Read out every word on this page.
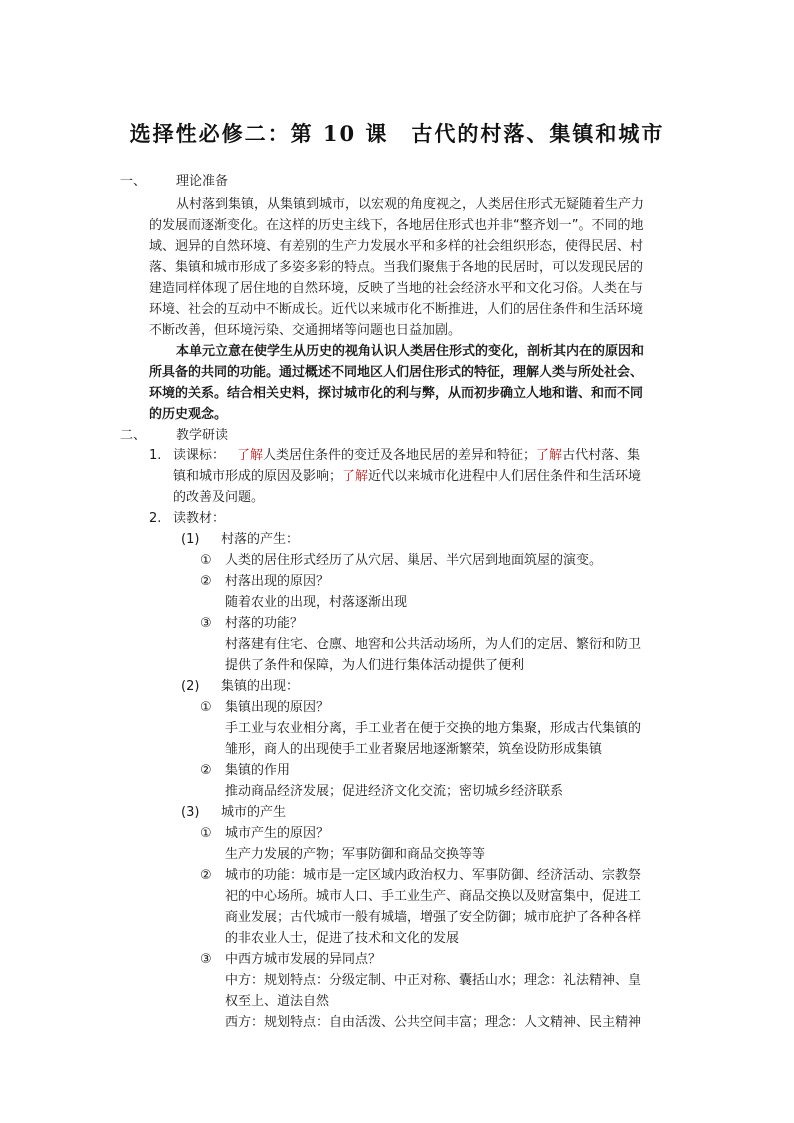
选择性必修二：第 10 课　古代的村落、集镇和城市
一、 理论准备
从村落到集镇，从集镇到城市，以宏观的角度视之，人类居住形式无疑随着生产力
的发展而逐渐变化。在这样的历史主线下，各地居住形式也并非“整齐划一”。不同的地
域、迥异的自然环境、有差别的生产力发展水平和多样的社会组织形态，使得民居、村
落、集镇和城市形成了多姿多彩的特点。当我们聚焦于各地的民居时，可以发现民居的
建造同样体现了居住地的自然环境，反映了当地的社会经济水平和文化习俗。人类在与
环境、社会的互动中不断成长。近代以来城市化不断推进，人们的居住条件和生活环境
不断改善，但环境污染、交通拥堵等问题也日益加剧。
本单元立意在使学生从历史的视角认识人类居住形式的变化，剖析其内在的原因和
所具备的共同的功能。通过概述不同地区人们居住形式的特征，理解人类与所处社会、
环境的关系。结合相关史料，探讨城市化的利与弊，从而初步确立人地和谐、和而不同
的历史观念。
二、 教学研读
1. 读课标： 了解人类居住条件的变迁及各地民居的差异和特征；了解古代村落、集
镇和城市形成的原因及影响；了解近代以来城市化进程中人们居住条件和生活环境
的改善及问题。
2. 读教材：
(1) 村落的产生：
① 人类的居住形式经历了从穴居、巢居、半穴居到地面筑屋的演变。
② 村落出现的原因？
随着农业的出现，村落逐渐出现
③ 村落的功能？
村落建有住宅、仓廪、地窖和公共活动场所，为人们的定居、繁衍和防卫
提供了条件和保障，为人们进行集体活动提供了便利
(2) 集镇的出现：
① 集镇出现的原因？
手工业与农业相分离，手工业者在便于交换的地方集聚，形成古代集镇的
雏形，商人的出现使手工业者聚居地逐渐繁荣，筑垒设防形成集镇
② 集镇的作用
推动商品经济发展；促进经济文化交流；密切城乡经济联系
(3) 城市的产生
① 城市产生的原因？
生产力发展的产物；军事防御和商品交换等等
② 城市的功能：城市是一定区域内政治权力、军事防御、经济活动、宗教祭
祀的中心场所。城市人口、手工业生产、商品交换以及财富集中，促进工
商业发展；古代城市一般有城墙，增强了安全防御；城市庇护了各种各样
的非农业人士，促进了技术和文化的发展
③ 中西方城市发展的异同点？
中方：规划特点：分级定制、中正对称、囊括山水；理念：礼法精神、皇
权至上、道法自然
西方：规划特点：自由活泼、公共空间丰富；理念：人文精神、民主精神
